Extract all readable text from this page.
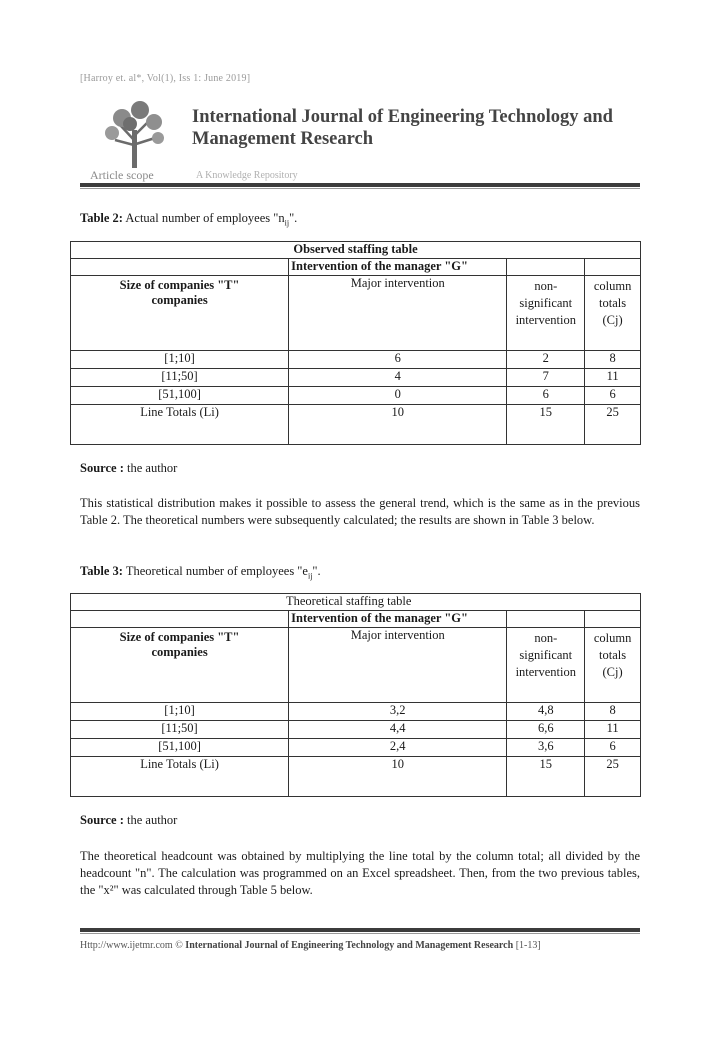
[Harroy et. al*, Vol(1), Iss 1: June 2019]
International Journal of Engineering Technology and Management Research
Article scope	A Knowledge Repository
Table 2: Actual number of employees "$n_{ij}$".
Observed staffing table			
	Intervention of the manager "G"		
Size of companies "T" companies	Major intervention	non-significant intervention	column totals (Cj)
[1;10]	6	2	8
[11;50]	4	7	11
[51,100]	0	6	6
Line Totals (Li)	10	15	25
Source : the author
This statistical distribution makes it possible to assess the general trend, which is the same as in the previous Table 2. The theoretical numbers were subsequently calculated; the results are shown in Table 3 below.
Table 3: Theoretical number of employees "$e_{ij}$".
Theoretical staffing table			
	Intervention of the manager "G"		
Size of companies "T" companies	Major intervention	non-significant intervention	column totals (Cj)
[1;10]	3,2	4,8	8
[11;50]	4,4	6,6	11
[51,100]	2,4	3,6	6
Line Totals (Li)	10	15	25
Source : the author
The theoretical headcount was obtained by multiplying the line total by the column total; all divided by the headcount "n". The calculation was programmed on an Excel spreadsheet. Then, from the two previous tables, the "x²" was calculated through Table 5 below.
Http://www.ijetmr.com © International Journal of Engineering Technology and Management Research [1-13]
